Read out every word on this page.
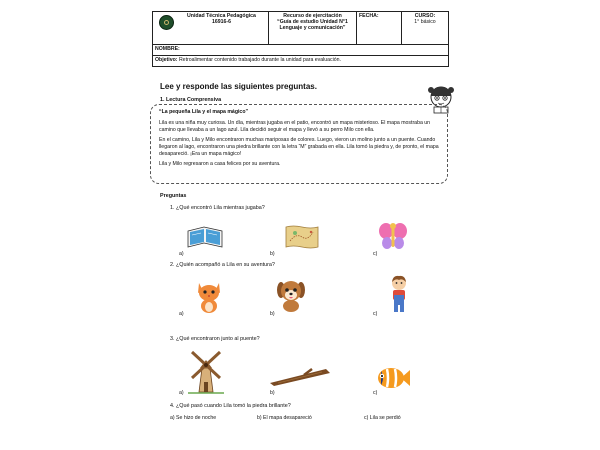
Unidad Técnica Pedagógica
16916-6

Recurso de ejercitación
“Guía de estudio Unidad N°1 Lenguaje y comunicación”
	FECHA:	CURSO:
1° básico

NOMBRE:
Objetivo: Retroalimentar contenido trabajado durante la unidad para evaluación.
Lee y responde las siguientes preguntas.
1. Lectura Comprensiva

“La pequeña Lila y el mapa mágico”

Lila es una niña muy curiosa. Un día, mientras jugaba en el patio, encontró un mapa misterioso. El mapa mostraba un camino que llevaba a un lago azul. Lila decidió seguir el mapa y llevó a su perro Milo con ella.

En el camino, Lila y Milo encontraron muchas mariposas de colores. Luego, vieron un molino junto a un puente. Cuando llegaron al lago, encontraron una piedra brillante con la letra “M” grabada en ella. Lila tomó la piedra y, de pronto, el mapa desapareció. ¡Era un mapa mágico!

Lila y Milo regresaron a casa felices por su aventura.

Preguntas
1. ¿Qué encontró Lila mientras jugaba?
a)	b)	c)
2. ¿Quién acompañó a Lila en su aventura?
a)	b)	c)
3. ¿Qué encontraron junto al puente?
a)	b)	c)
4. ¿Qué pasó cuando Lila tomó la piedra brillante?
a) Se hizo de noche	b) El mapa desapareció	c) Lila se perdió
